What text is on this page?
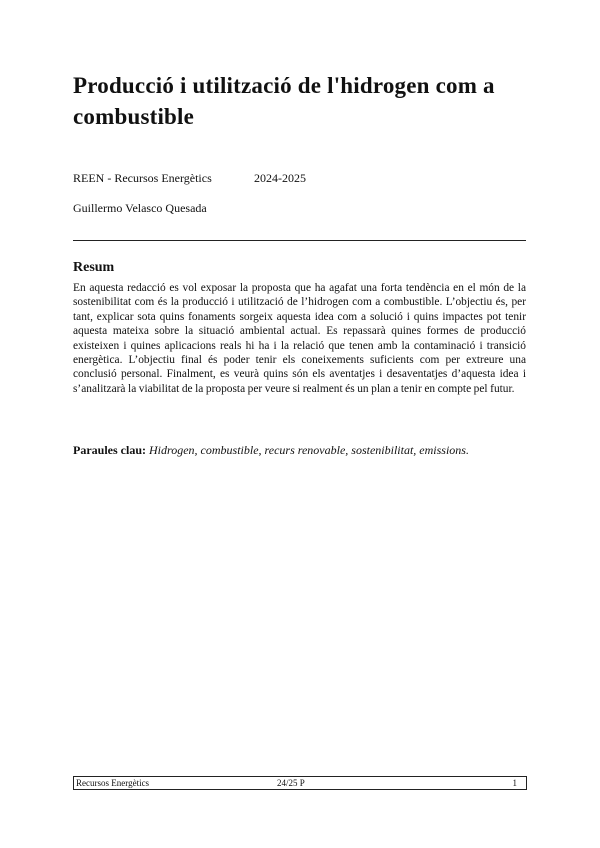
Producció i utilització de l'hidrogen com a combustible
REEN - Recursos Energètics	2024-2025
Guillermo Velasco Quesada
Resum

En aquesta redacció es vol exposar la proposta que ha agafat una forta tendència en el món de la sostenibilitat com és la producció i utilització de l’hidrogen com a combustible. L’objectiu és, per tant, explicar sota quins fonaments sorgeix aquesta idea com a solució i quins impactes pot tenir aquesta mateixa sobre la situació ambiental actual. Es repassarà quines formes de producció existeixen i quines aplicacions reals hi ha i la relació que tenen amb la contaminació i transició energètica. L’objectiu final és poder tenir els coneixements suficients com per extreure una conclusió personal. Finalment, es veurà quins són els aventatjes i desaventatjes d’aquesta idea i s’analitzarà la viabilitat de la proposta per veure si realment és un plan a tenir en compte pel futur.

Paraules clau: Hidrogen, combustible, recurs renovable, sostenibilitat, emissions.

Recursos Energètics	24/25 P	1
